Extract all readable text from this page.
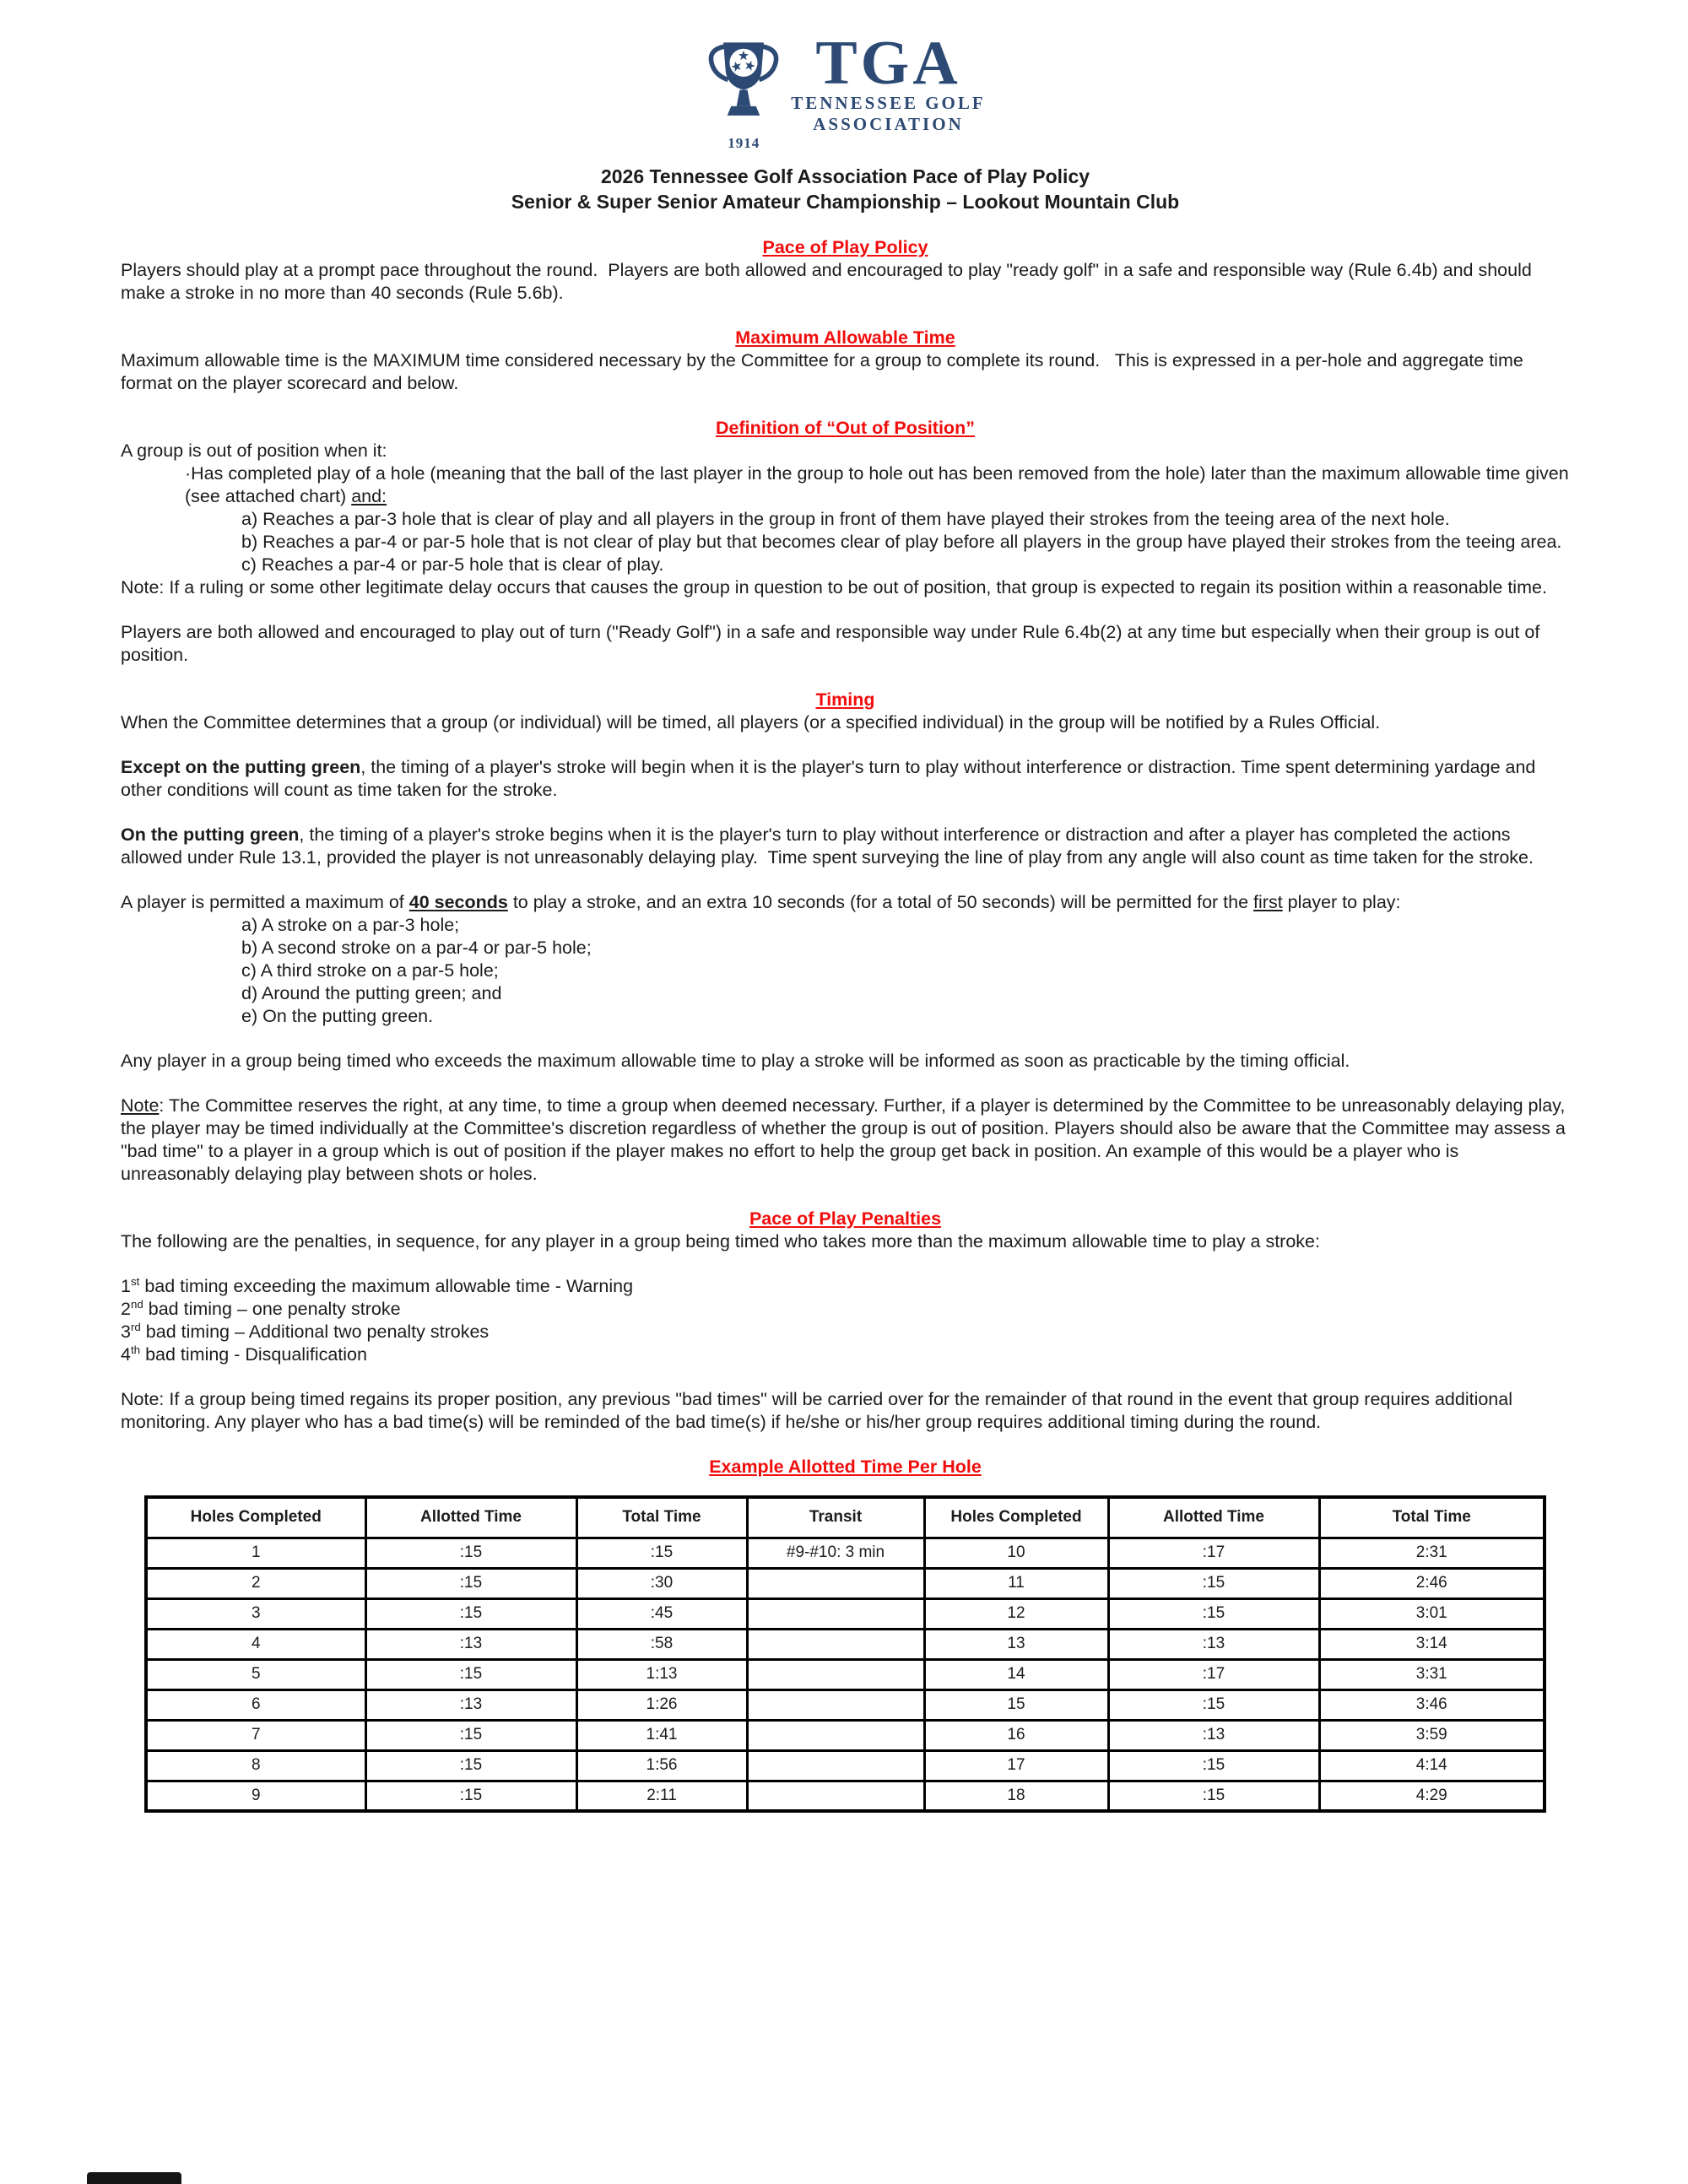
1914
TGA
TENNESSEE GOLF
ASSOCIATION
2026 Tennessee Golf Association Pace of Play Policy
Senior & Super Senior Amateur Championship – Lookout Mountain Club
Pace of Play Policy
Players should play at a prompt pace throughout the round.  Players are both allowed and encouraged to play "ready golf" in a safe and responsible way (Rule 6.4b) and should make a stroke in no more than 40 seconds (Rule 5.6b).
Maximum Allowable Time
Maximum allowable time is the MAXIMUM time considered necessary by the Committee for a group to complete its round.   This is expressed in a per-hole and aggregate time format on the player scorecard and below.
Definition of “Out of Position”
A group is out of position when it:
·Has completed play of a hole (meaning that the ball of the last player in the group to hole out has been removed from the hole) later than the maximum allowable time given (see attached chart) and:
a) Reaches a par-3 hole that is clear of play and all players in the group in front of them have played their strokes from the teeing area of the next hole.
b) Reaches a par-4 or par-5 hole that is not clear of play but that becomes clear of play before all players in the group have played their strokes from the teeing area.
c) Reaches a par-4 or par-5 hole that is clear of play.
Note: If a ruling or some other legitimate delay occurs that causes the group in question to be out of position, that group is expected to regain its position within a reasonable time.
Players are both allowed and encouraged to play out of turn ("Ready Golf") in a safe and responsible way under Rule 6.4b(2) at any time but especially when their group is out of position.
Timing
When the Committee determines that a group (or individual) will be timed, all players (or a specified individual) in the group will be notified by a Rules Official.
Except on the putting green, the timing of a player's stroke will begin when it is the player's turn to play without interference or distraction. Time spent determining yardage and other conditions will count as time taken for the stroke.
On the putting green, the timing of a player's stroke begins when it is the player's turn to play without interference or distraction and after a player has completed the actions allowed under Rule 13.1, provided the player is not unreasonably delaying play.  Time spent surveying the line of play from any angle will also count as time taken for the stroke.
A player is permitted a maximum of 40 seconds to play a stroke, and an extra 10 seconds (for a total of 50 seconds) will be permitted for the first player to play:
a) A stroke on a par-3 hole;
b) A second stroke on a par-4 or par-5 hole;
c) A third stroke on a par-5 hole;
d) Around the putting green; and
e) On the putting green.
Any player in a group being timed who exceeds the maximum allowable time to play a stroke will be informed as soon as practicable by the timing official.
Note: The Committee reserves the right, at any time, to time a group when deemed necessary. Further, if a player is determined by the Committee to be unreasonably delaying play, the player may be timed individually at the Committee's discretion regardless of whether the group is out of position. Players should also be aware that the Committee may assess a "bad time" to a player in a group which is out of position if the player makes no effort to help the group get back in position. An example of this would be a player who is unreasonably delaying play between shots or holes.
Pace of Play Penalties
The following are the penalties, in sequence, for any player in a group being timed who takes more than the maximum allowable time to play a stroke:
1st bad timing exceeding the maximum allowable time - Warning
2nd bad timing – one penalty stroke
3rd bad timing – Additional two penalty strokes
4th bad timing - Disqualification
Note: If a group being timed regains its proper position, any previous "bad times" will be carried over for the remainder of that round in the event that group requires additional monitoring. Any player who has a bad time(s) will be reminded of the bad time(s) if he/she or his/her group requires additional timing during the round.
Example Allotted Time Per Hole
Holes Completed	Allotted Time	Total Time	Transit	Holes Completed	Allotted Time	Total Time
1	:15	:15	#9-#10: 3 min	10	:17	2:31
2	:15	:30		11	:15	2:46
3	:15	:45		12	:15	3:01
4	:13	:58		13	:13	3:14
5	:15	1:13		14	:17	3:31
6	:13	1:26		15	:15	3:46
7	:15	1:41		16	:13	3:59
8	:15	1:56		17	:15	4:14
9	:15	2:11		18	:15	4:29
